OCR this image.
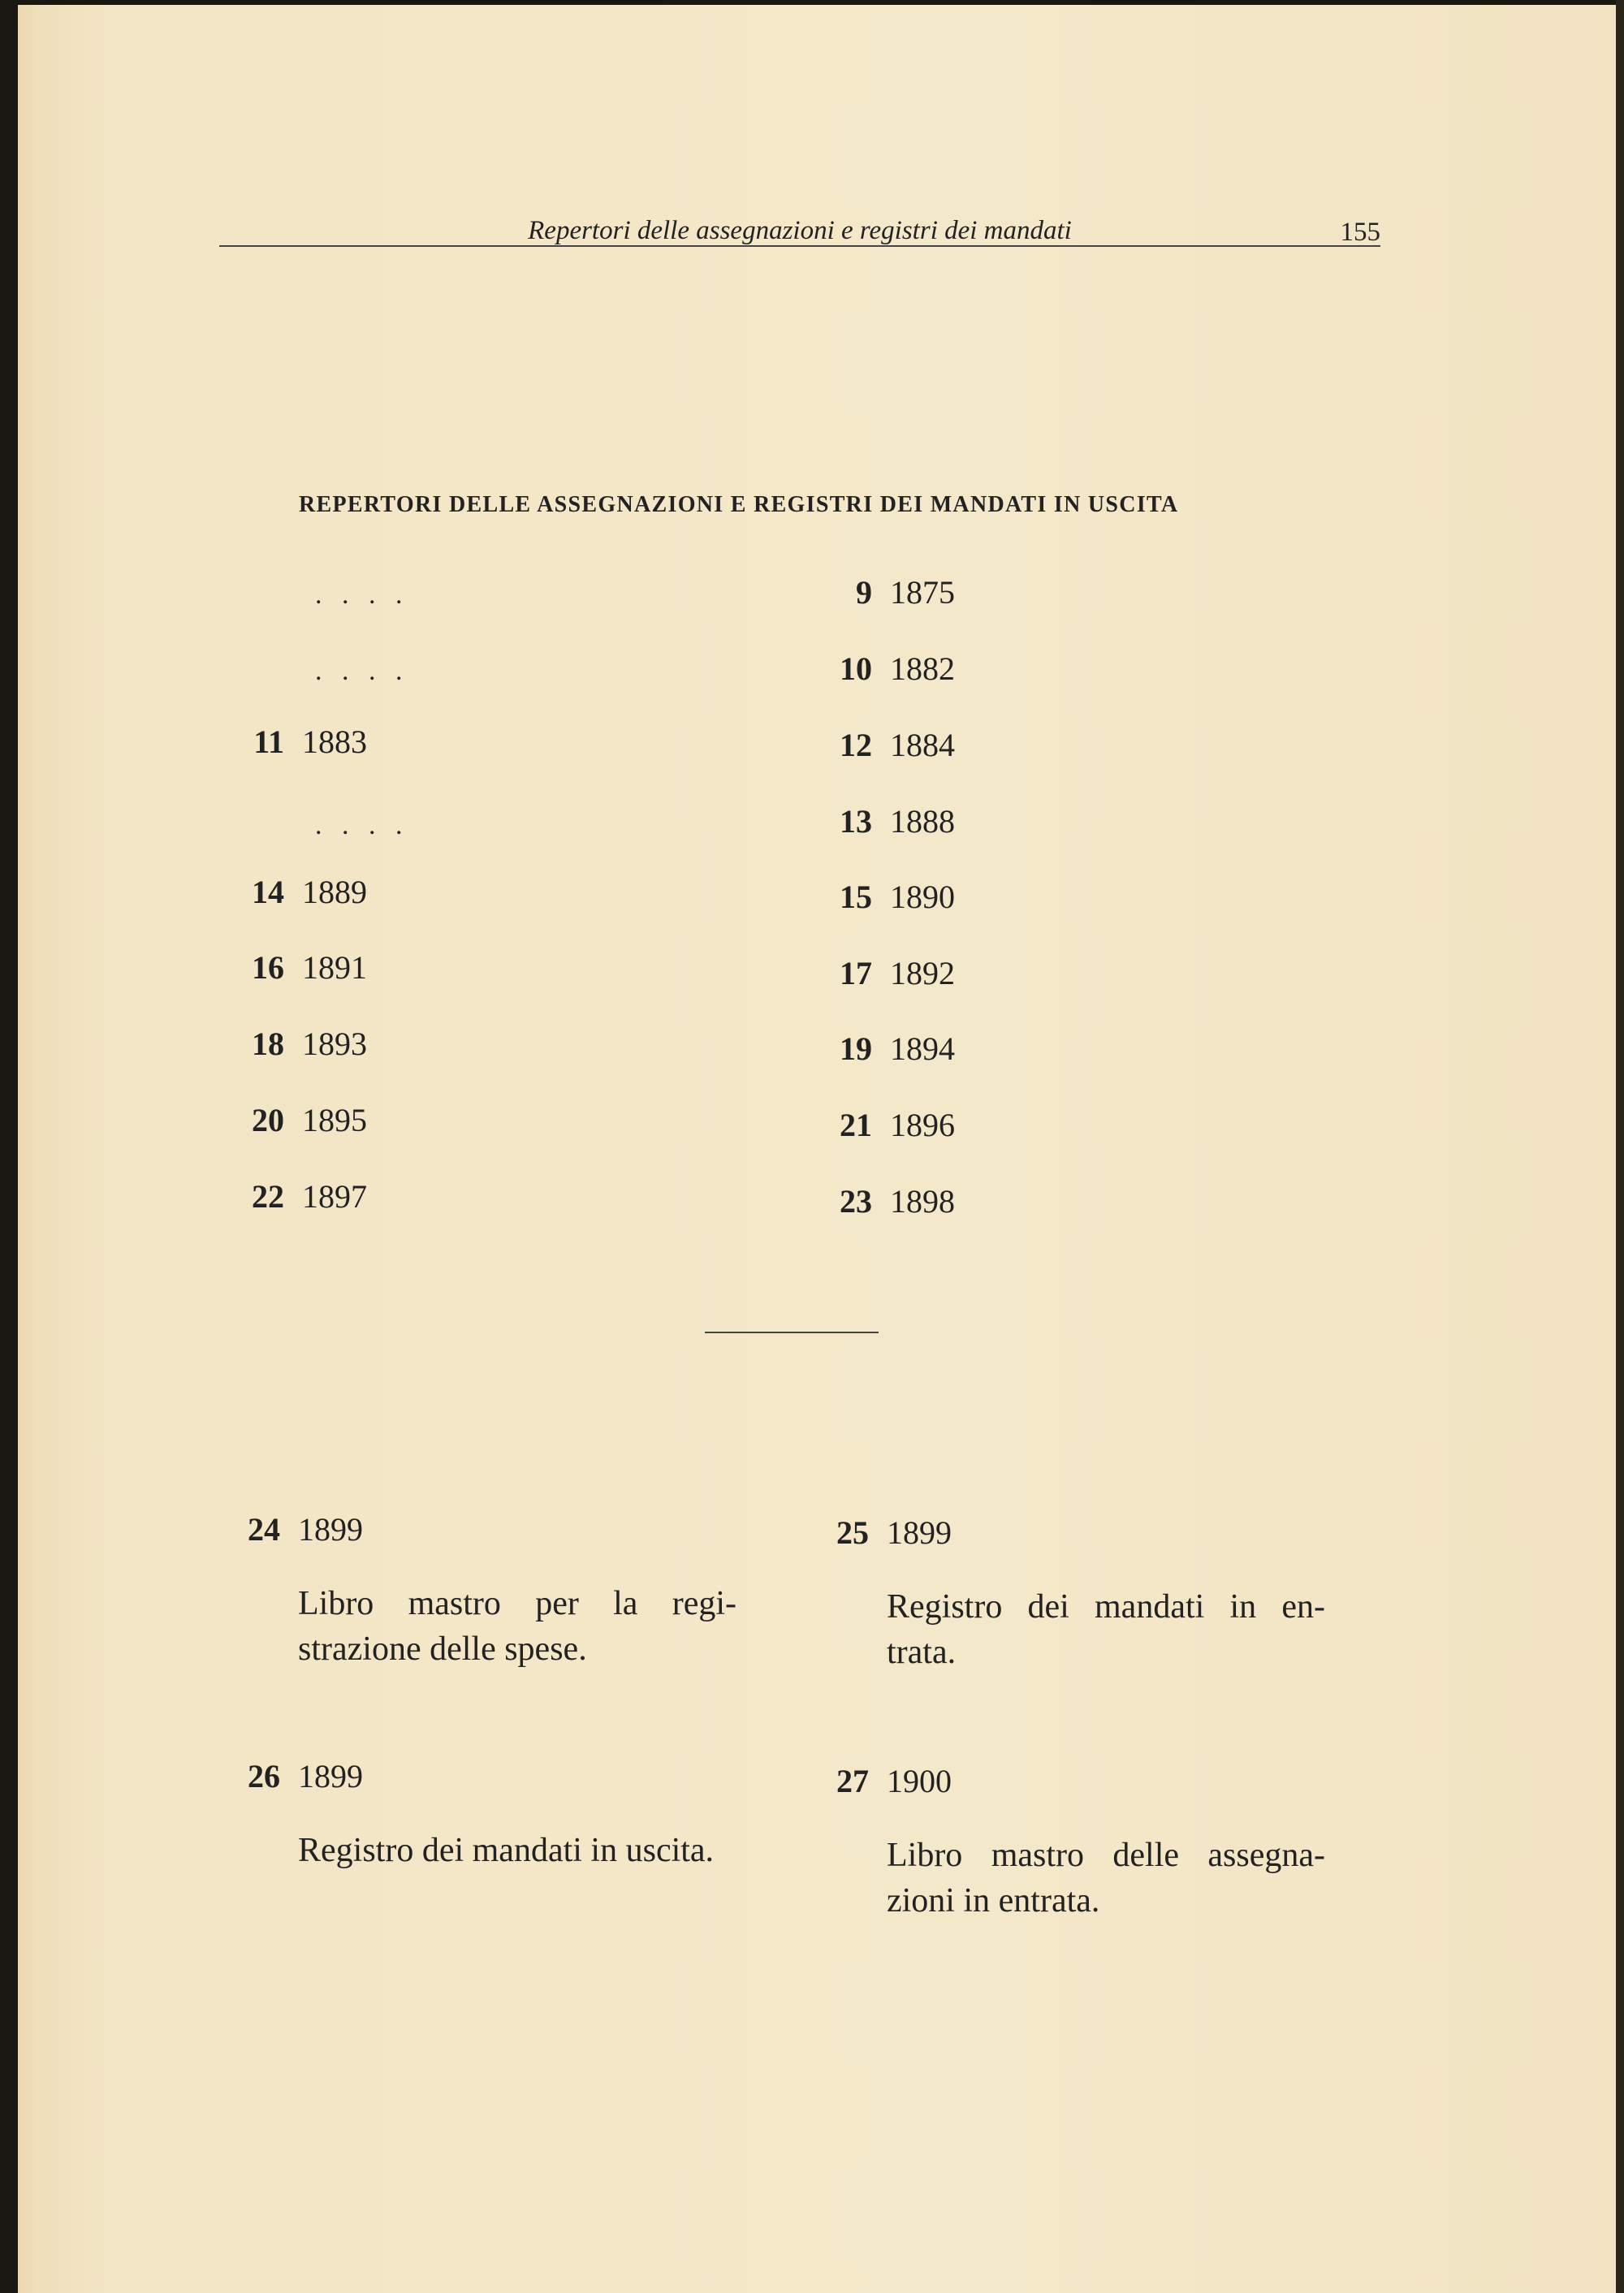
Repertori delle assegnazioni e registri dei mandati	155
REPERTORI DELLE ASSEGNAZIONI E REGISTRI DEI MANDATI IN USCITA
. . . .
. . . .
11 1883
. . . .
14 1889
16 1891
18 1893
20 1895
22 1897
9 1875
10 1882
12 1884
13 1888
15 1890
17 1892
19 1894
21 1896
23 1898
24 1899
Libro mastro per la regi-strazione delle spese.
25 1899
Registro dei mandati in en-trata.
26 1899
Registro dei mandati in uscita.
27 1900
Libro mastro delle assegna-zioni in entrata.
